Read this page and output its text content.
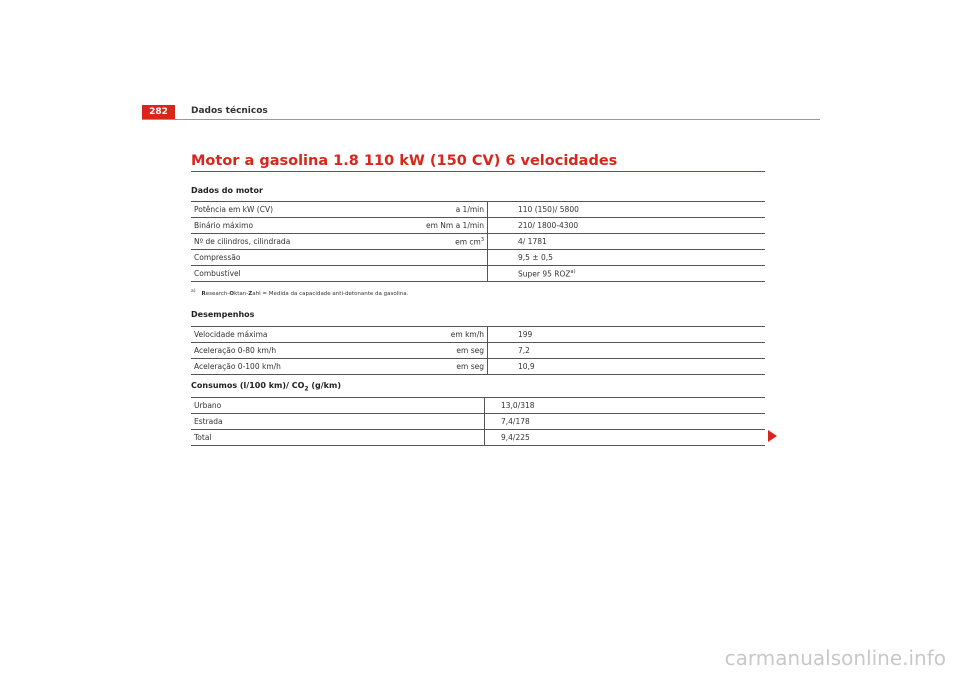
282	Dados técnicos
Motor a gasolina 1.8 110 kW (150 CV) 6 velocidades
Dados do motor
Potência em kW (CV)	a 1/min	110 (150)/ 5800
Binário máximo	em Nm a 1/min	210/ 1800-4300
Nº de cilindros, cilindrada	em $cm^3$	4/ 1781
Compressão		9,5 ± 0,5
Combustível		Super 95 ROZ$^{a)}$
$^{a)}$ Research-Oktan-Zahl = Medida da capacidade anti-detonante da gasolina.
Desempenhos
Velocidade máxima	em km/h	199
Aceleração 0-80 km/h	em seg	7,2
Aceleração 0-100 km/h	em seg	10,9
Consumos (l/100 km)/ $CO_2$ (g/km)
Urbano	13,0/318
Estrada	7,4/178
Total	9,4/225
carmanualsonline.info
